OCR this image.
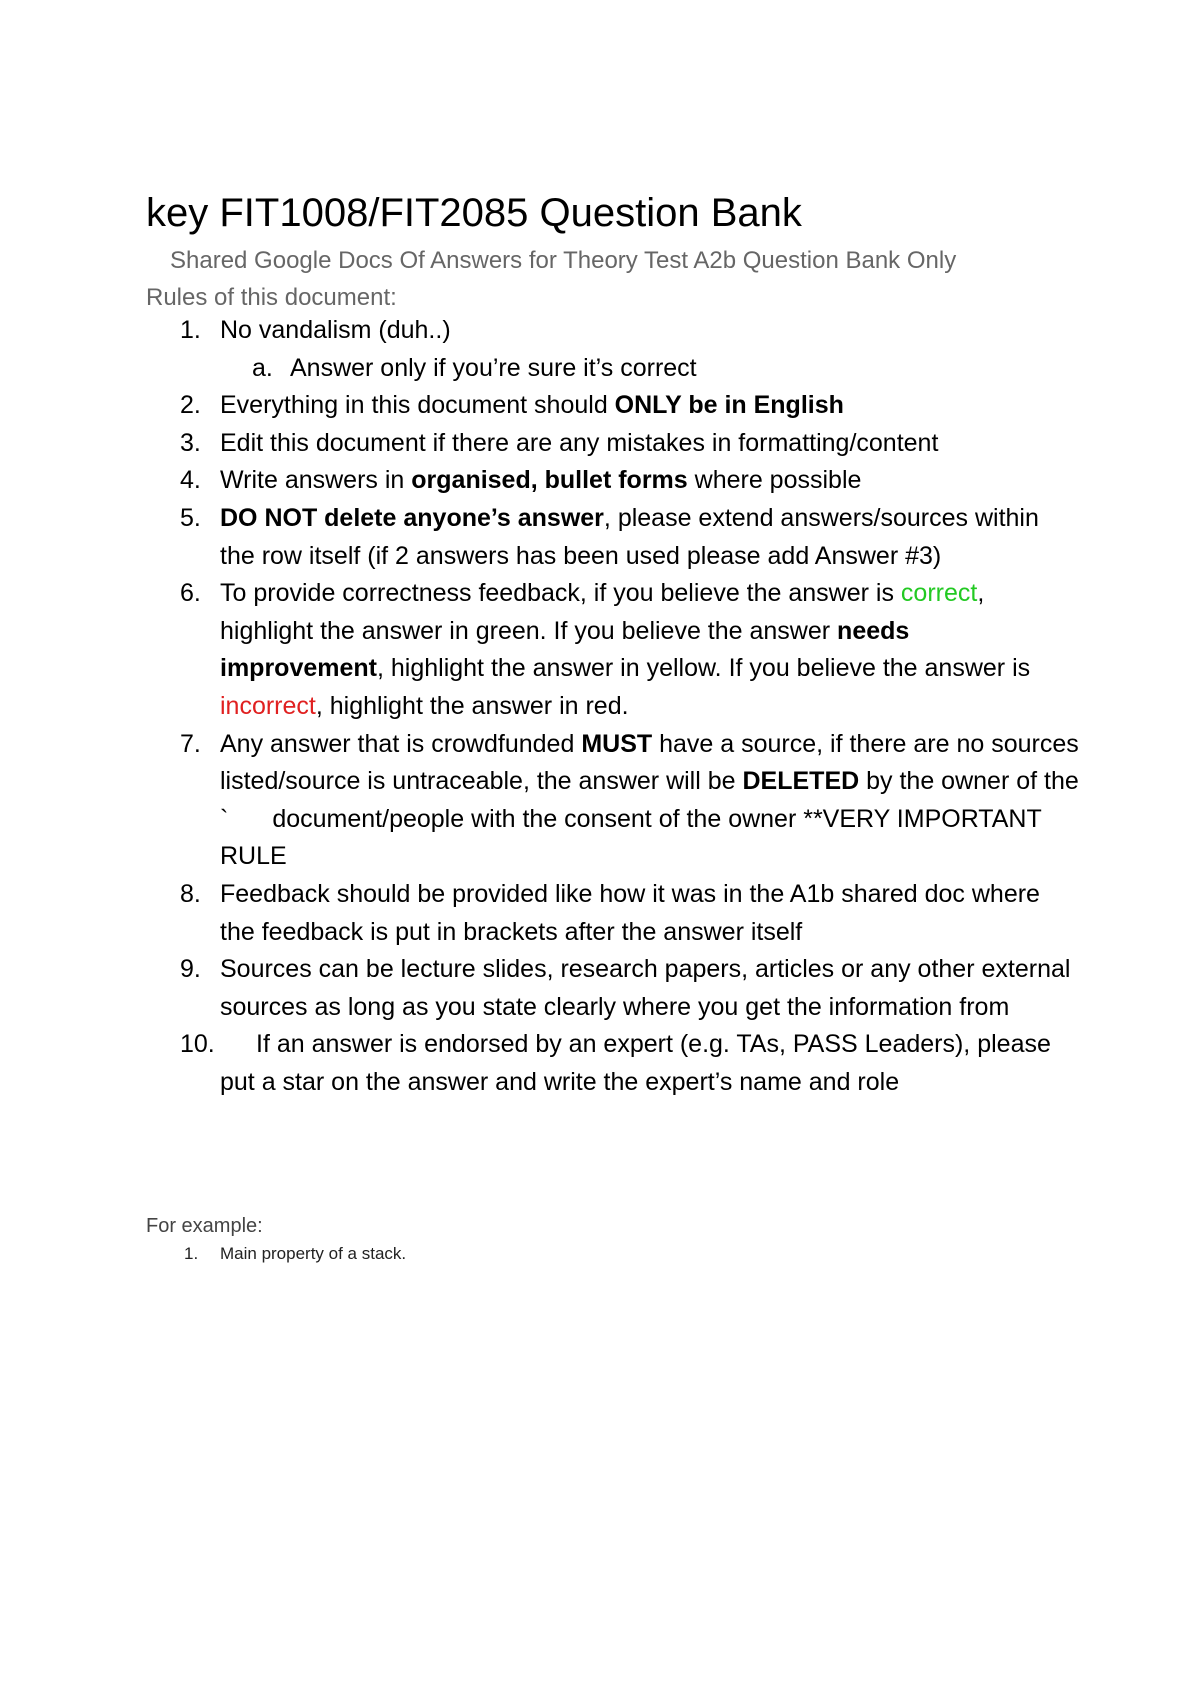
key FIT1008/FIT2085 Question Bank

Shared Google Docs Of Answers for Theory Test A2b Question Bank Only

Rules of this document:

1. No vandalism (duh..)
a. Answer only if you’re sure it’s correct
2. Everything in this document should ONLY be in English
3. Edit this document if there are any mistakes in formatting/content
4. Write answers in organised, bullet forms where possible
5. DO NOT delete anyone’s answer, please extend answers/sources within the row itself (if 2 answers has been used please add Answer #3)
6. To provide correctness feedback, if you believe the answer is correct, highlight the answer in green. If you believe the answer needs improvement, highlight the answer in yellow. If you believe the answer is incorrect, highlight the answer in red.
7. Any answer that is crowdfunded MUST have a source, if there are no sources listed/source is untraceable, the answer will be DELETED by the owner of the ` document/people with the consent of the owner **VERY IMPORTANT RULE
8. Feedback should be provided like how it was in the A1b shared doc where the feedback is put in brackets after the answer itself
9. Sources can be lecture slides, research papers, articles or any other external sources as long as you state clearly where you get the information from
10. If an answer is endorsed by an expert (e.g. TAs, PASS Leaders), please put a star on the answer and write the expert’s name and role

For example:

1. Main property of a stack.
